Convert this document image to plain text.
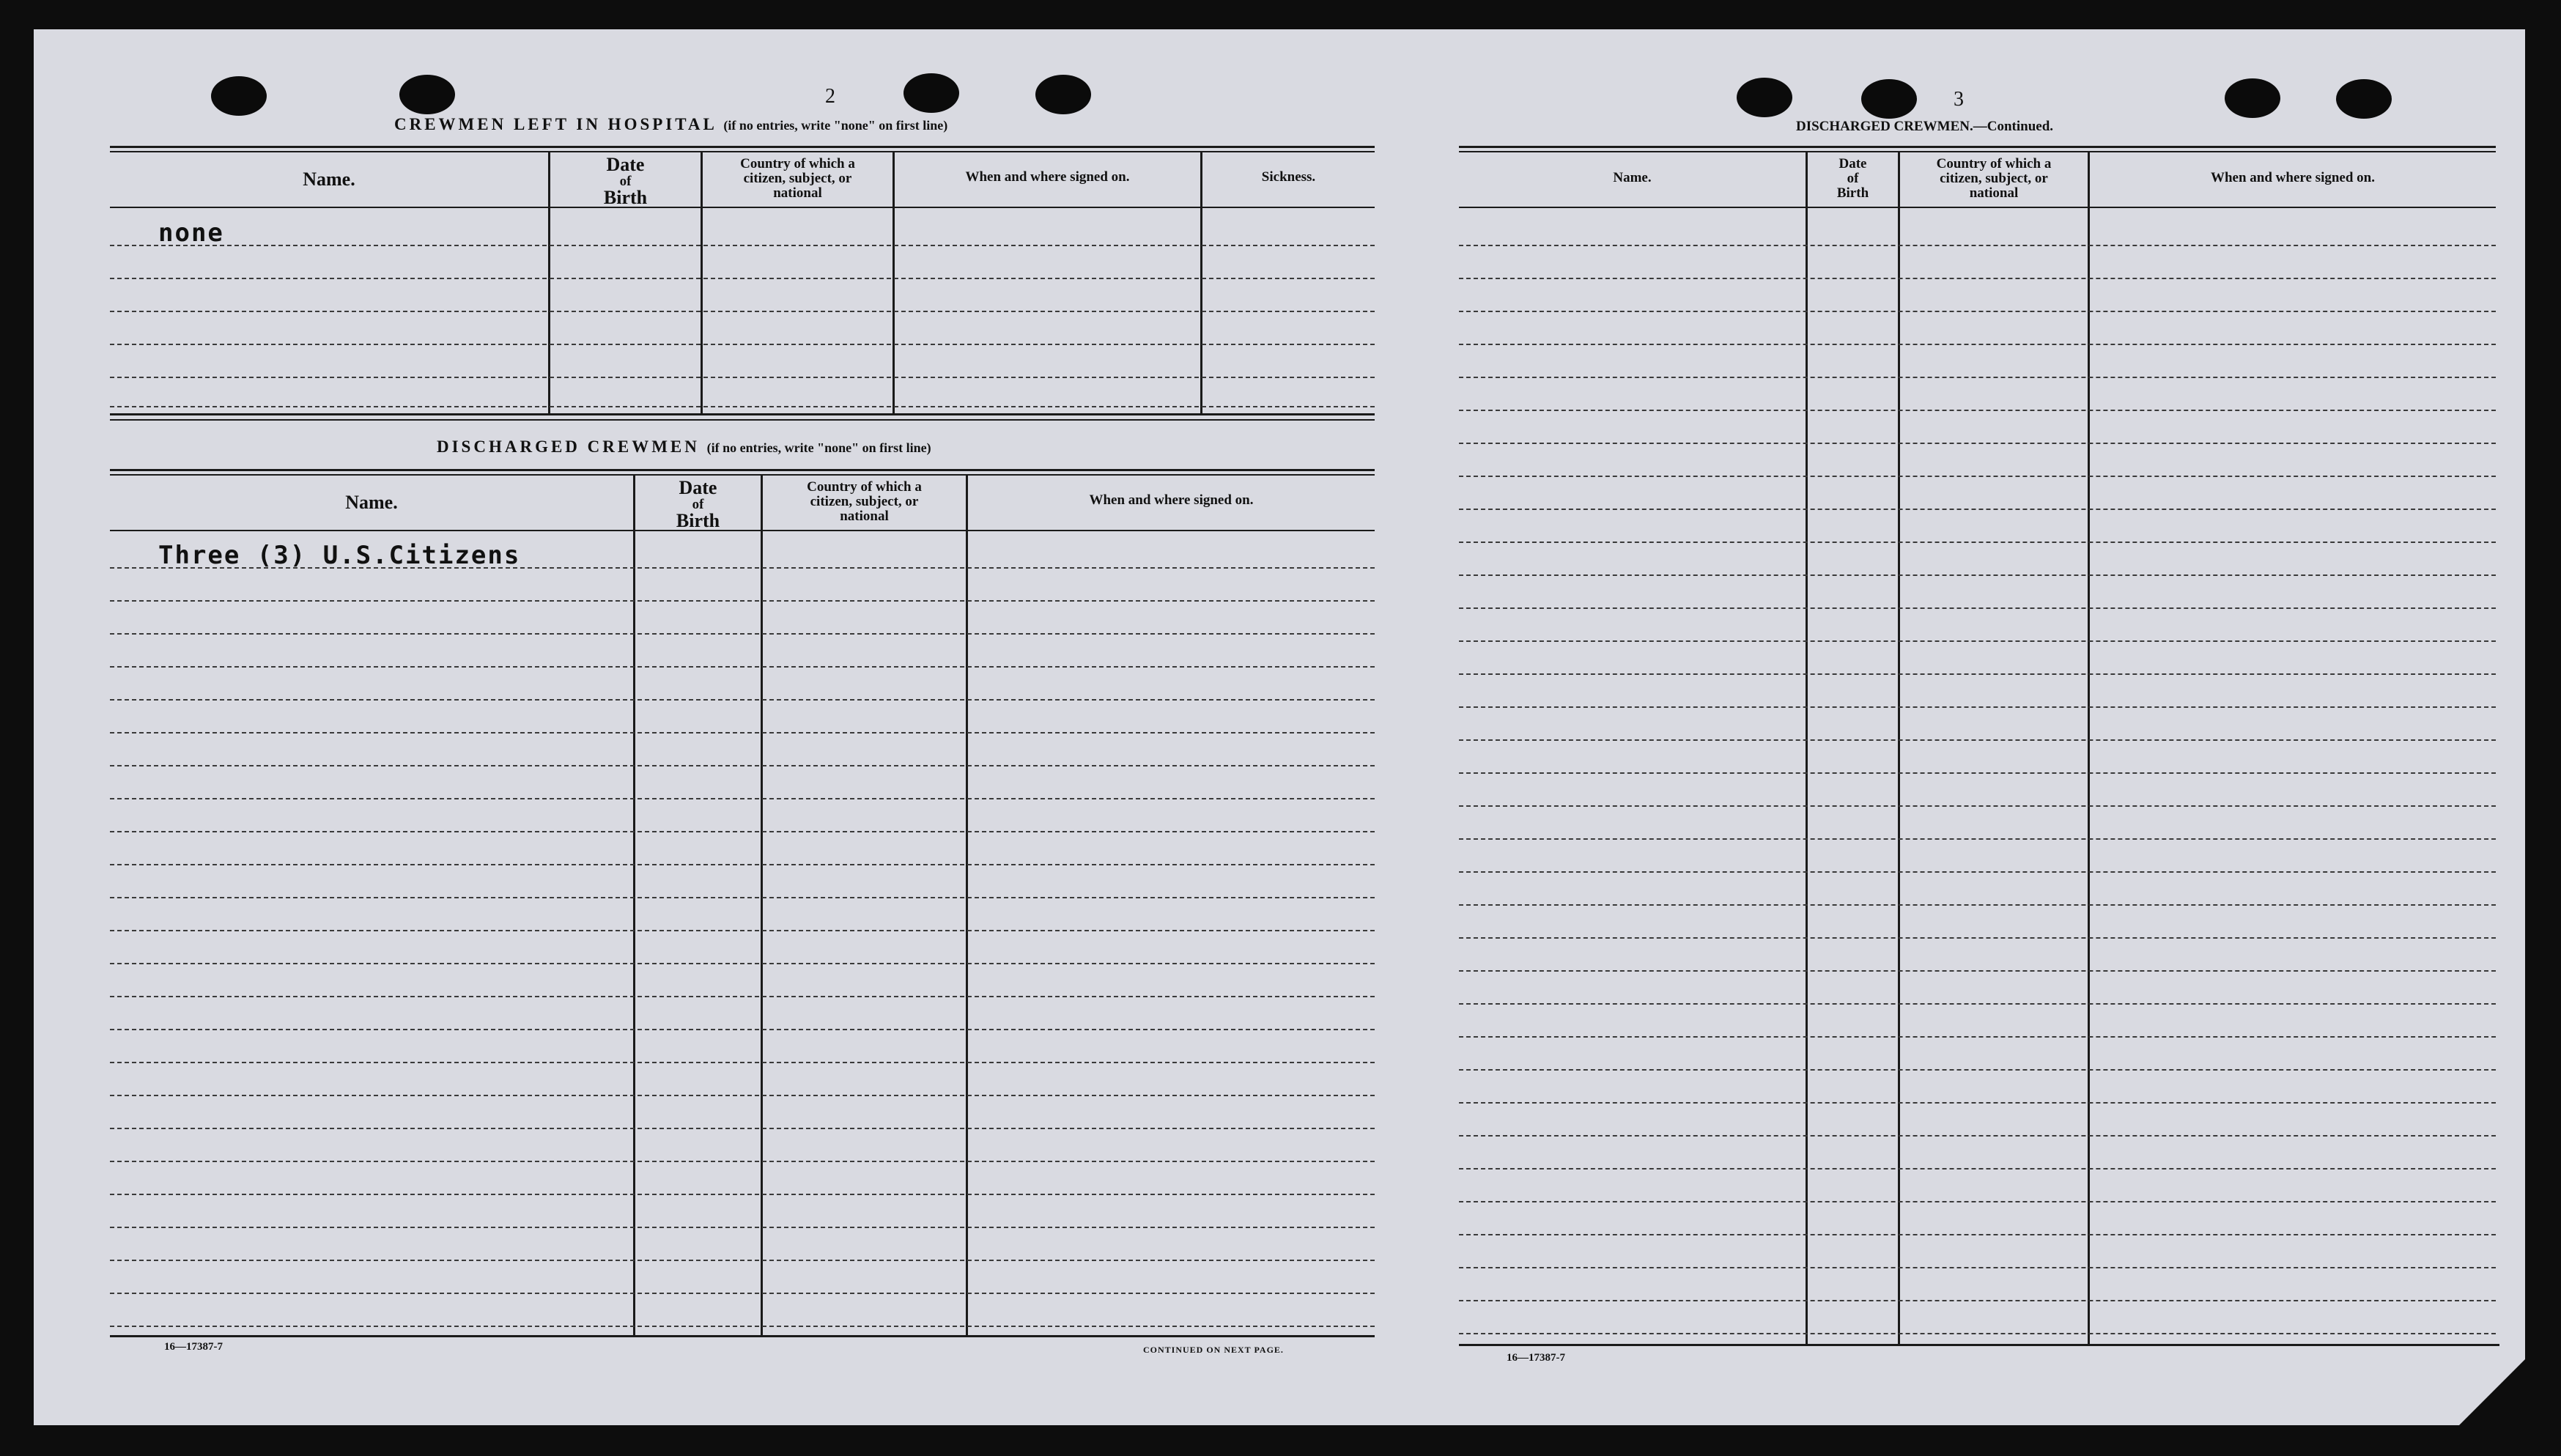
2
CREWMEN LEFT IN HOSPITAL (if no entries, write "none" on first line)
Name.
Date
of
Birth
Country of which a
citizen, subject, or
national
When and where signed on.	Sickness.
none
DISCHARGED CREWMEN (if no entries, write "none" on first line)
Name.
Date
of
Birth
Country of which a
citizen, subject, or
national
When and where signed on.
Three (3) U.S.Citizens
16—17387-7	CONTINUED ON NEXT PAGE.
3
DISCHARGED CREWMEN.—Continued.
Name.
Date
of
Birth
Country of which a
citizen, subject, or
national
When and where signed on.
16—17387-7
